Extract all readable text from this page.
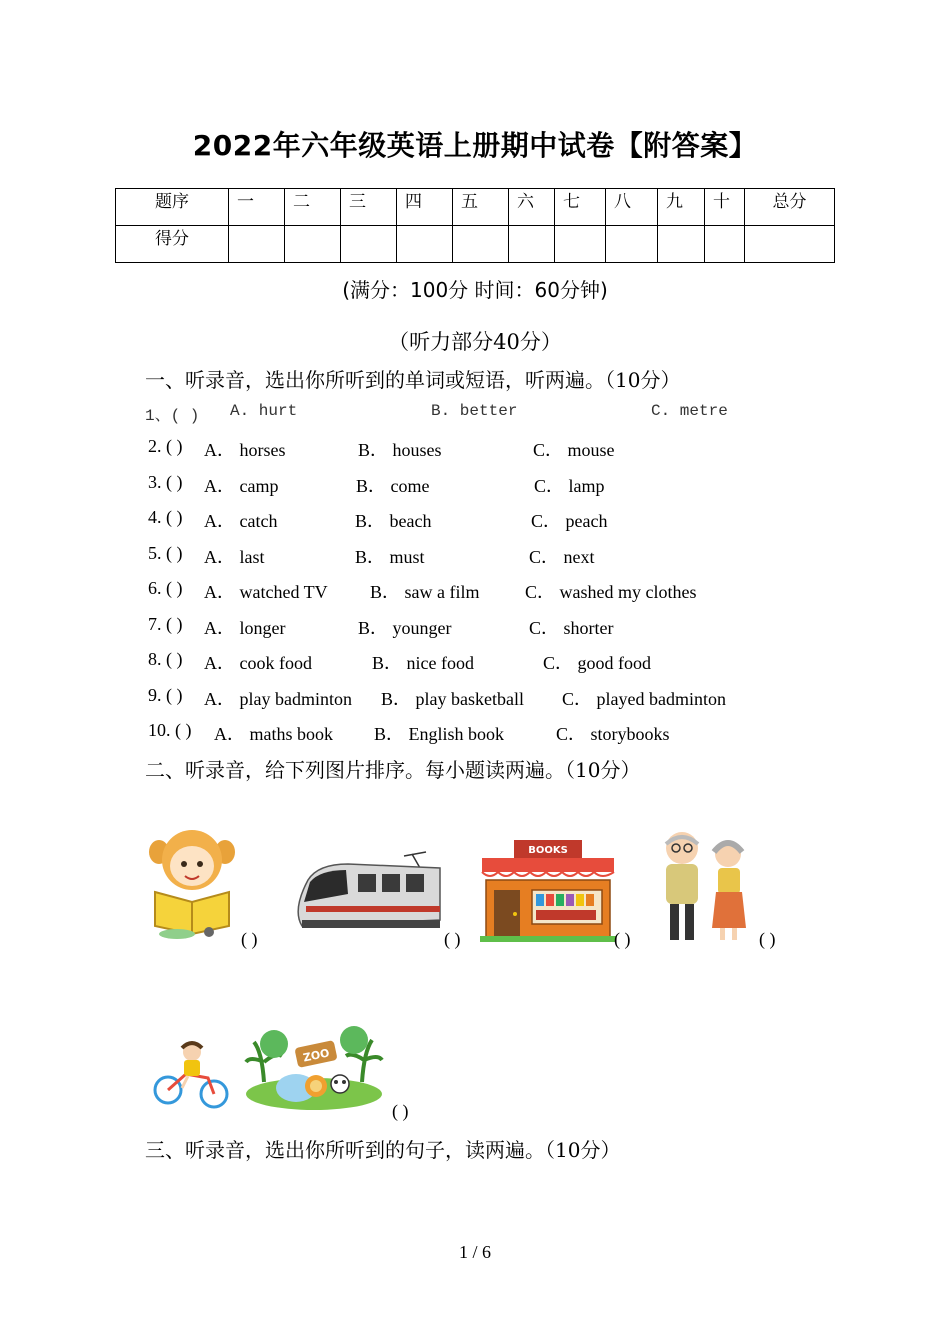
2022年六年级英语上册期中试卷【附答案】
题序	一	二	三	四	五	六	七	八	九	十	总分
得分											
(满分：100分 时间：60分钟)
（听力部分40分）
一、听录音，选出你所听到的单词或短语，听两遍。（10分）
1、( ) A. hurt	B. better	C. metre
2. ( ) A． horses	B． houses	C． mouse
3. ( ) A． camp	B． come	C． lamp
4. ( ) A． catch	B． beach	C． peach
5. ( ) A． last	B． must	C． next
6. ( ) A． watched TV B． saw a film	C． washed my clothes
7. ( ) A． longer	B． younger	C． shorter
8. ( ) A． cook food	B． nice food	C． good food
9. ( ) A． play badminton B． play basketball C． played badminton
10. ( ) A． maths book B． English book	C． storybooks
二、听录音，给下列图片排序。每小题读两遍。（10分）
( )	( )
BOOKS
( )	( )
ZOO
( )
三、听录音，选出你所听到的句子，读两遍。（10分）
1 / 6
